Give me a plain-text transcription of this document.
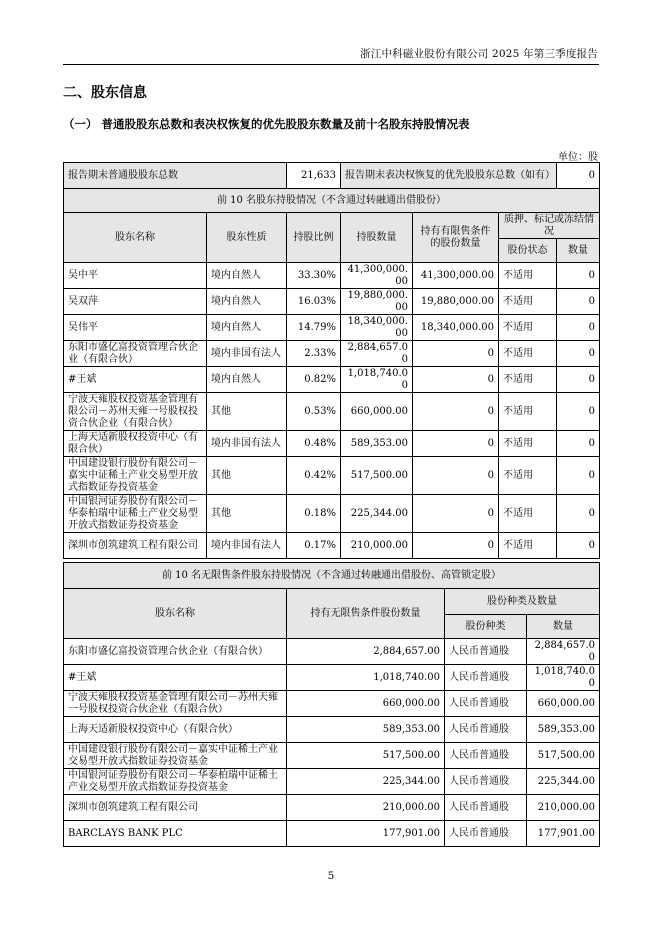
浙江中科磁业股份有限公司 2025 年第三季度报告
二、股东信息
（一） 普通股股东总数和表决权恢复的优先股股东数量及前十名股东持股情况表
单位：股
报告期末普通股股东总数		21,633	报告期末表决权恢复的优先股股东总数（如有）			0
前 10 名股东持股情况（不含通过转融通出借股份）						
股东名称	股东性质	持股比例	持股数量	持有有限售条件的股份数量	质押、标记或冻结情况	
					股份状态	数量
吴中平	境内自然人	33.30%	41,300,000.00	41,300,000.00	不适用	0
吴双萍	境内自然人	16.03%	19,880,000.00	19,880,000.00	不适用	0
吴伟平	境内自然人	14.79%	18,340,000.00	18,340,000.00	不适用	0
东阳市盛亿富投资管理合伙企业（有限合伙）	境内非国有法人	2.33%	2,884,657.00	0	不适用	0
#王斌	境内自然人	0.82%	1,018,740.00	0	不适用	0
宁波天雍股权投资基金管理有限公司－苏州天雍一号股权投资合伙企业（有限合伙）	其他	0.53%	660,000.00	0	不适用	0
上海天适新股权投资中心（有限合伙）	境内非国有法人	0.48%	589,353.00	0	不适用	0
中国建设银行股份有限公司－嘉实中证稀土产业交易型开放式指数证券投资基金	其他	0.42%	517,500.00	0	不适用	0
中国银河证券股份有限公司－华泰柏瑞中证稀土产业交易型开放式指数证券投资基金	其他	0.18%	225,344.00	0	不适用	0
深圳市创筑建筑工程有限公司	境内非国有法人	0.17%	210,000.00	0	不适用	0
前 10 名无限售条件股东持股情况（不含通过转融通出借股份、高管锁定股）			
股东名称	持有无限售条件股份数量	股份种类及数量	
		股份种类	数量
东阳市盛亿富投资管理合伙企业（有限合伙）	2,884,657.00	人民币普通股	2,884,657.00
#王斌	1,018,740.00	人民币普通股	1,018,740.00
宁波天雍股权投资基金管理有限公司－苏州天雍一号股权投资合伙企业（有限合伙）	660,000.00	人民币普通股	660,000.00
上海天适新股权投资中心（有限合伙）	589,353.00	人民币普通股	589,353.00
中国建设银行股份有限公司－嘉实中证稀土产业交易型开放式指数证券投资基金	517,500.00	人民币普通股	517,500.00
中国银河证券股份有限公司－华泰柏瑞中证稀土产业交易型开放式指数证券投资基金	225,344.00	人民币普通股	225,344.00
深圳市创筑建筑工程有限公司	210,000.00	人民币普通股	210,000.00
BARCLAYS BANK PLC	177,901.00	人民币普通股	177,901.00
5
